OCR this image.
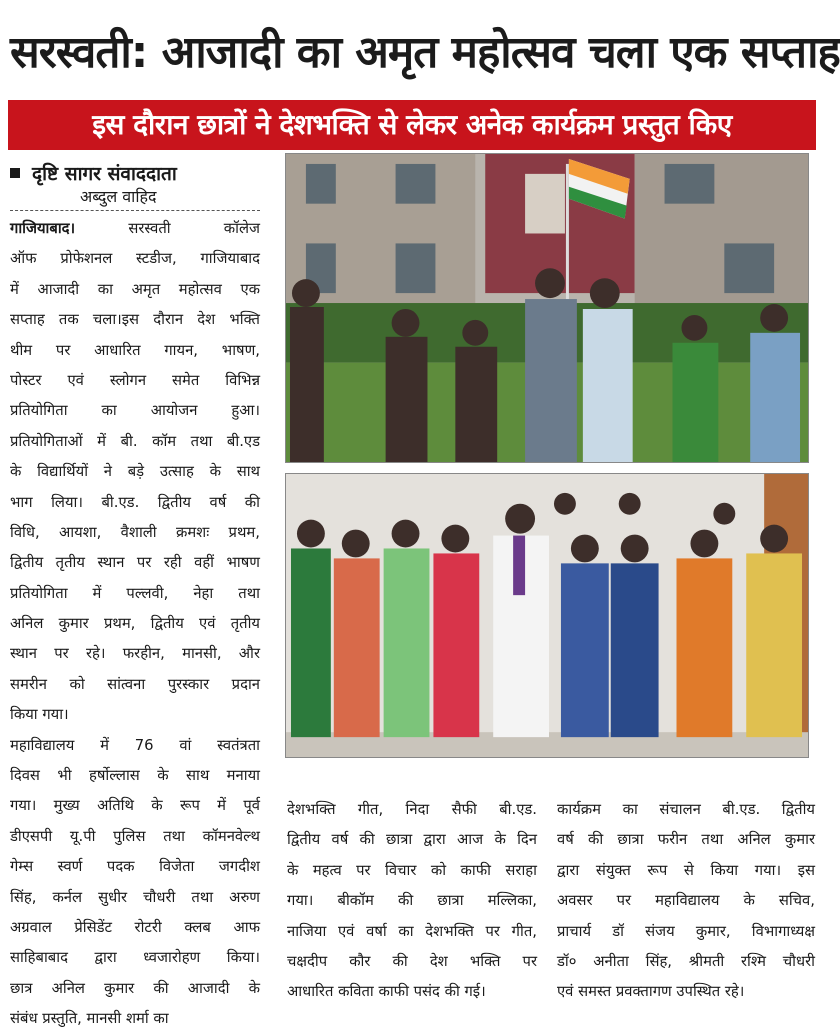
सरस्वती: आजादी का अमृत महोत्सव चला एक सप्ताह
इस दौरान छात्रों ने देशभक्ति से लेकर अनेक कार्यक्रम प्रस्तुत किए
दृष्टि सागर संवाददाता
अब्दुल वाहिद
गाजियाबाद। सरस्वती कॉलेज
ऑफ प्रोफेशनल स्टडीज, गाजियाबाद
में आजादी का अमृत महोत्सव एक
सप्ताह तक चला।इस दौरान देश भक्ति
थीम पर आधारित गायन, भाषण,
पोस्टर एवं स्लोगन समेत विभिन्न
प्रतियोगिता का आयोजन हुआ।
प्रतियोगिताओं में बी. कॉम तथा बी.एड
के विद्यार्थियों ने बड़े उत्साह के साथ
भाग लिया। बी.एड. द्वितीय वर्ष की
विधि, आयशा, वैशाली क्रमशः प्रथम,
द्वितीय तृतीय स्थान पर रही वहीं भाषण
प्रतियोगिता में पल्लवी, नेहा तथा
अनिल कुमार प्रथम, द्वितीय एवं तृतीय
स्थान पर रहे। फरहीन, मानसी, और
समरीन को सांत्वना पुरस्कार प्रदान
किया गया।
महाविद्यालय में 76 वां स्वतंत्रता
दिवस भी हर्षोल्लास के साथ मनाया
गया। मुख्य अतिथि के रूप में पूर्व
डीएसपी यू.पी पुलिस तथा कॉमनवेल्थ
गेम्स स्वर्ण पदक विजेता जगदीश
सिंह, कर्नल सुधीर चौधरी तथा अरुण
अग्रवाल प्रेसिडेंट रोटरी क्लब आफ
साहिबाबाद द्वारा ध्वजारोहण किया।
छात्र अनिल कुमार की आजादी के
संबंध प्रस्तुति, मानसी शर्मा का
देशभक्ति गीत, निदा सैफी बी.एड.
द्वितीय वर्ष की छात्रा द्वारा आज के दिन
के महत्व पर विचार को काफी सराहा
गया। बीकॉम की छात्रा मल्लिका,
नाजिया एवं वर्षा का देशभक्ति पर गीत,
चक्षदीप कौर की देश भक्ति पर
आधारित कविता काफी पसंद की गई।
कार्यक्रम का संचालन बी.एड. द्वितीय
वर्ष की छात्रा फरीन तथा अनिल कुमार
द्वारा संयुक्त रूप से किया गया। इस
अवसर पर महाविद्यालय के सचिव,
प्राचार्य डॉ संजय कुमार, विभागाध्यक्ष
डॉ० अनीता सिंह, श्रीमती रश्मि चौधरी
एवं समस्त प्रवक्तागण उपस्थित रहे।
